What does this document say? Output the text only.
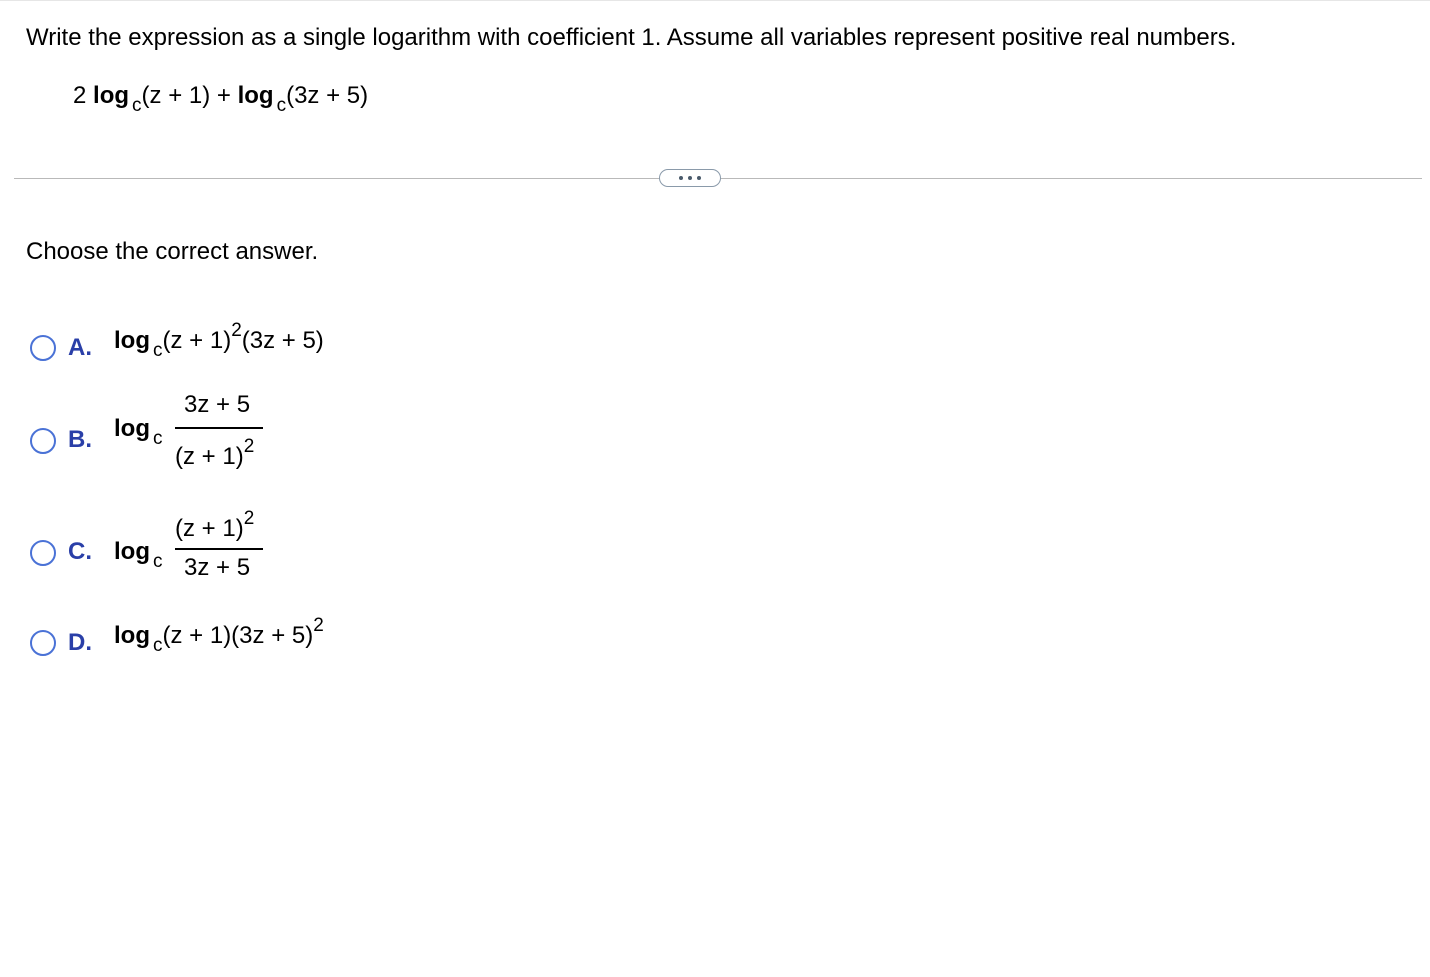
Write the expression as a single logarithm with coefficient 1. Assume all variables represent positive real numbers.
2 log $_c$(z + 1) + log $_c$(3z + 5)
Choose the correct answer.
A. $\log _c(z + 1)^2(3z + 5)$
B. log $_c$
3z + 5
$(z + 1)^2$
C. log $_c$
$(z + 1)^2$
3z + 5
D. $\log _c(z + 1)(3z + 5)^2$
